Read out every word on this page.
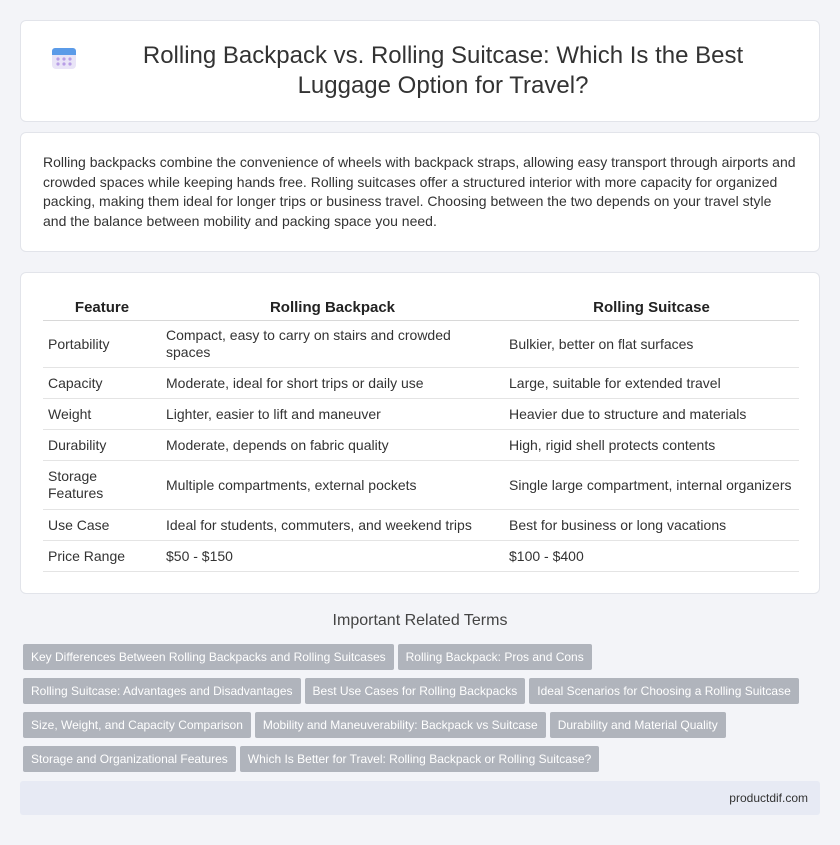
Rolling Backpack vs. Rolling Suitcase: Which Is the Best Luggage Option for Travel?

Rolling backpacks combine the convenience of wheels with backpack straps, allowing easy transport through airports and crowded spaces while keeping hands free. Rolling suitcases offer a structured interior with more capacity for organized packing, making them ideal for longer trips or business travel. Choosing between the two depends on your travel style and the balance between mobility and packing space you need.

Feature	Rolling Backpack	Rolling Suitcase
Portability	Compact, easy to carry on stairs and crowded spaces	Bulkier, better on flat surfaces
Capacity	Moderate, ideal for short trips or daily use	Large, suitable for extended travel
Weight	Lighter, easier to lift and maneuver	Heavier due to structure and materials
Durability	Moderate, depends on fabric quality	High, rigid shell protects contents
Storage Features	Multiple compartments, external pockets	Single large compartment, internal organizers
Use Case	Ideal for students, commuters, and weekend trips	Best for business or long vacations
Price Range	$50 - $150	$100 - $400
Important Related Terms
Key Differences Between Rolling Backpacks and Rolling Suitcases Rolling Backpack: Pros and Cons
Rolling Suitcase: Advantages and Disadvantages Best Use Cases for Rolling Backpacks Ideal Scenarios for Choosing a Rolling Suitcase
Size, Weight, and Capacity Comparison Mobility and Maneuverability: Backpack vs Suitcase Durability and Material Quality
Storage and Organizational Features Which Is Better for Travel: Rolling Backpack or Rolling Suitcase?
productdif.com
